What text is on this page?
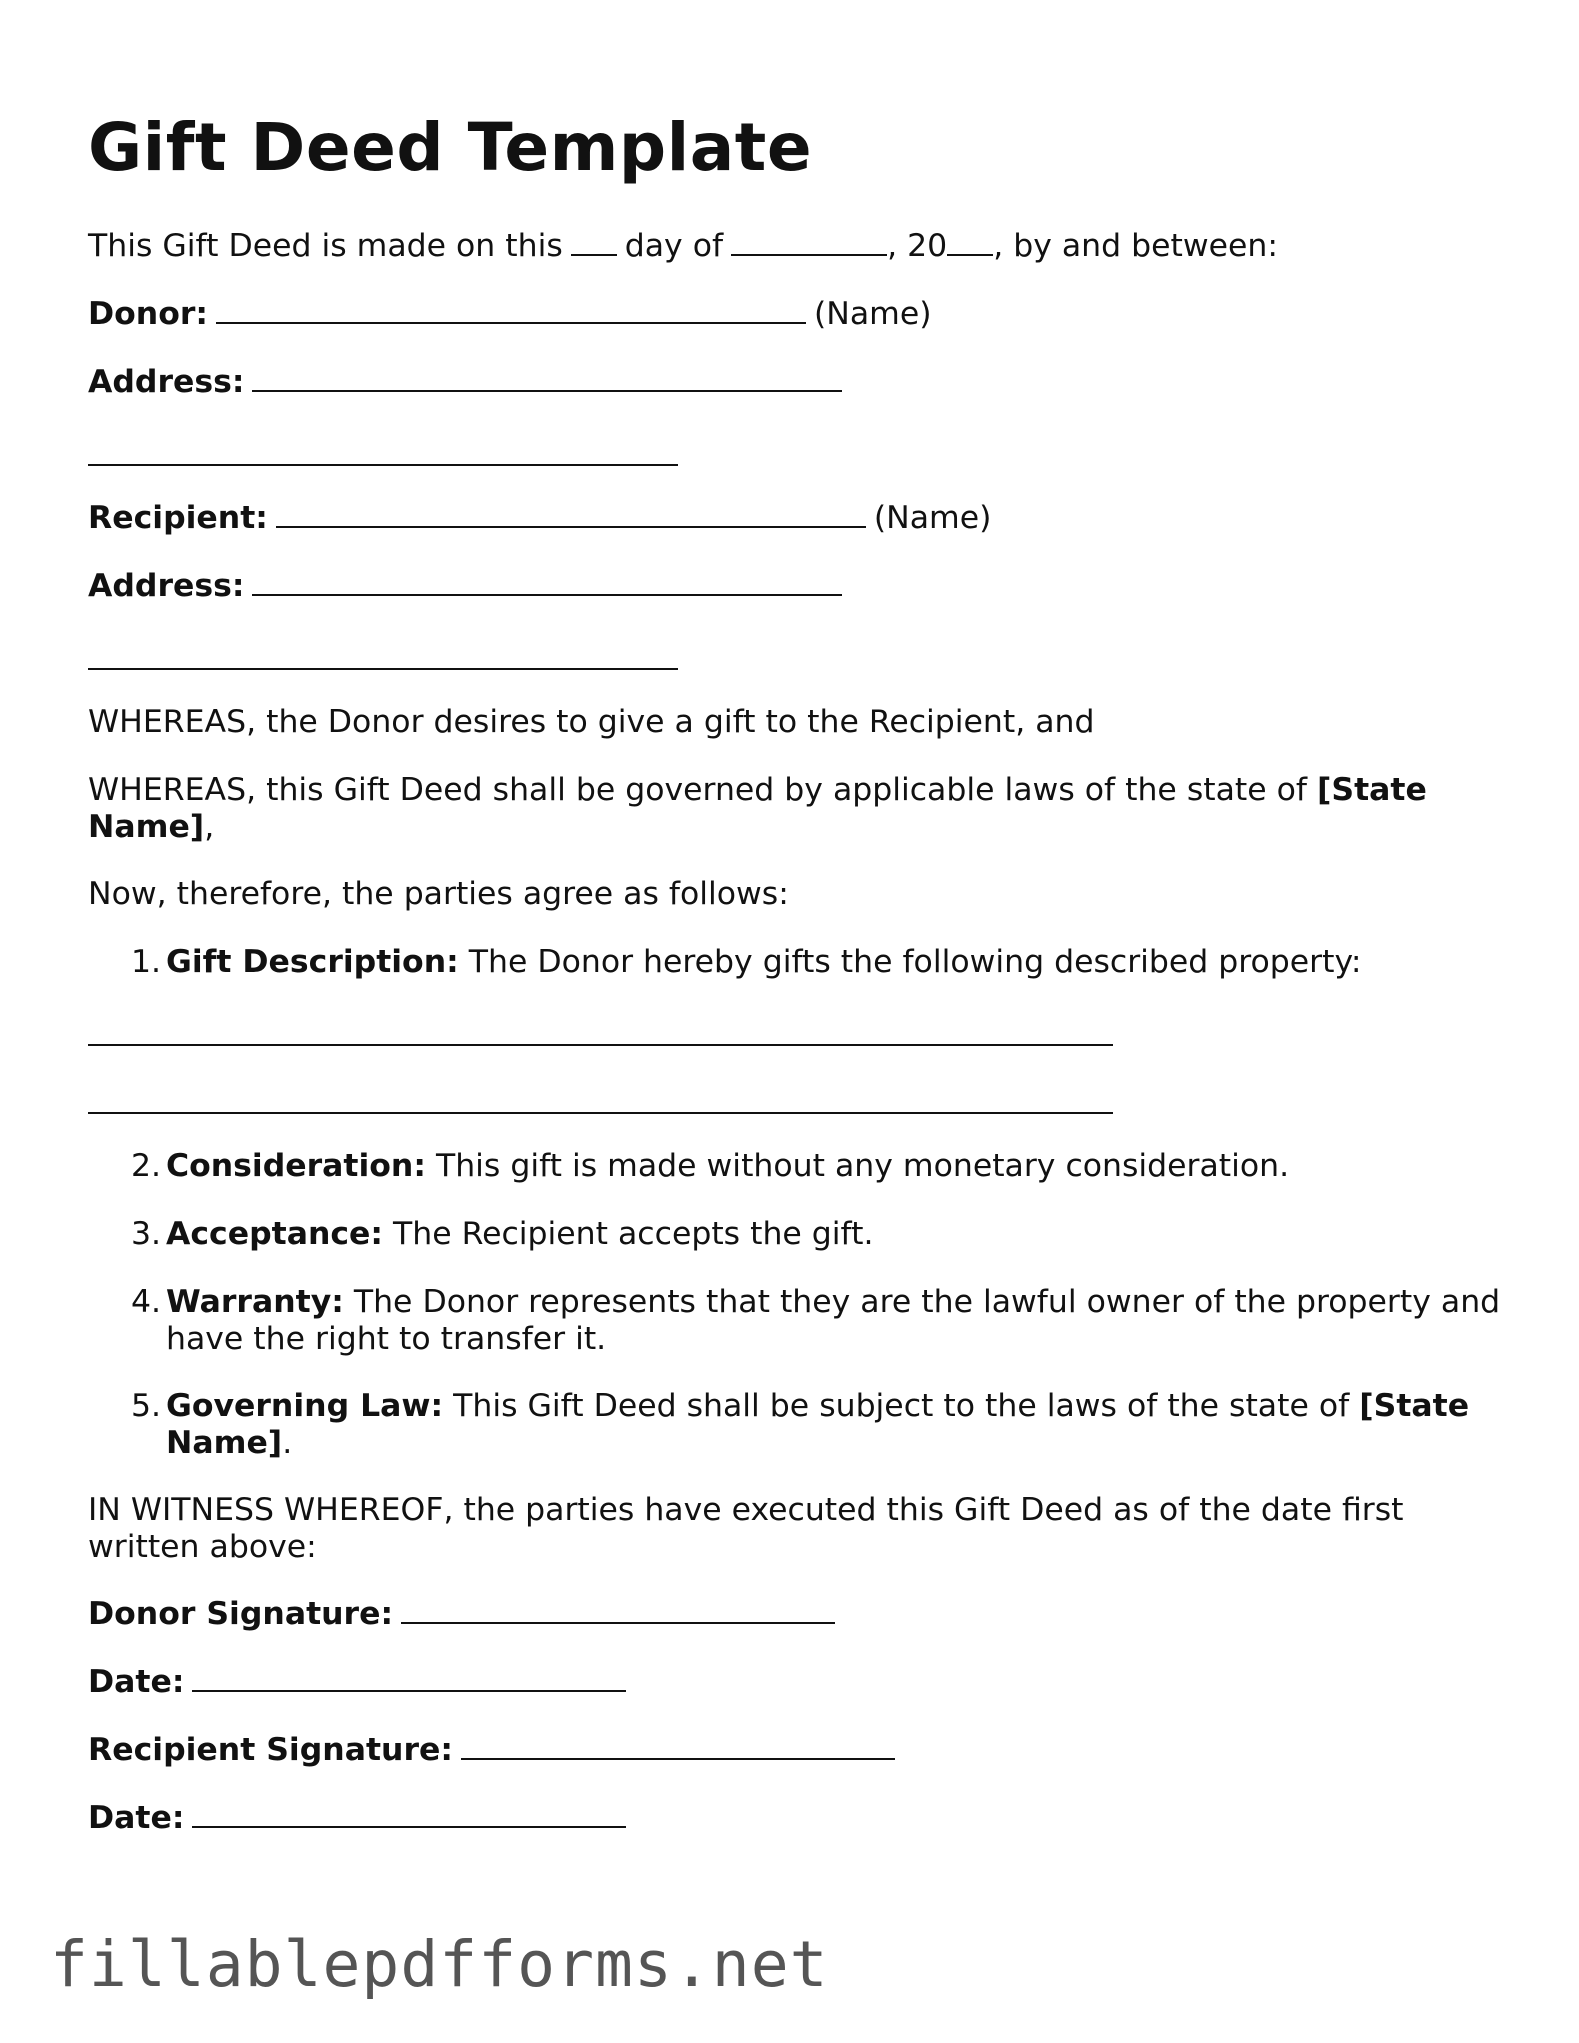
Gift Deed Template
This Gift Deed is made on this day of	, 20 , by and between:
Donor:	(Name)
Address:
Recipient:	(Name)
Address:
WHEREAS, the Donor desires to give a gift to the Recipient, and
WHEREAS, this Gift Deed shall be governed by applicable laws of the state of [State Name],
Now, therefore, the parties agree as follows:
1. Gift Description: The Donor hereby gifts the following described property:
2. Consideration: This gift is made without any monetary consideration.
3. Acceptance: The Recipient accepts the gift.
4. Warranty: The Donor represents that they are the lawful owner of the property and have the right to transfer it.
5. Governing Law: This Gift Deed shall be subject to the laws of the state of [State Name].
IN WITNESS WHEREOF, the parties have executed this Gift Deed as of the date first written above:
Donor Signature:
Date:
Recipient Signature:
Date:
fillablepdfforms.net
